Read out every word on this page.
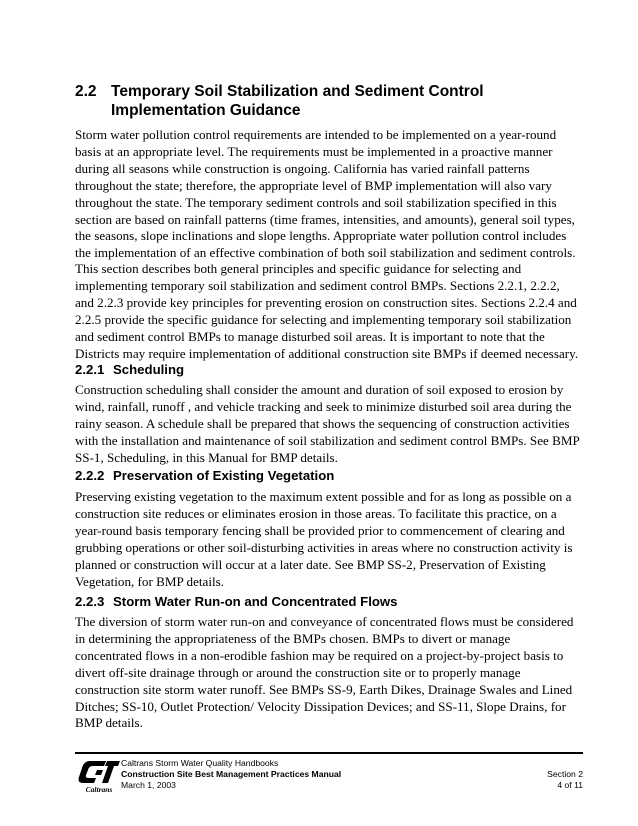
2.2 Temporary Soil Stabilization and Sediment Control Implementation Guidance

Storm water pollution control requirements are intended to be implemented on a year-round basis at an appropriate level. The requirements must be implemented in a proactive manner during all seasons while construction is ongoing. California has varied rainfall patterns throughout the state; therefore, the appropriate level of BMP implementation will also vary throughout the state. The temporary sediment controls and soil stabilization specified in this section are based on rainfall patterns (time frames, intensities, and amounts), general soil types, the seasons, slope inclinations and slope lengths. Appropriate water pollution control includes the implementation of an effective combination of both soil stabilization and sediment controls.

This section describes both general principles and specific guidance for selecting and implementing temporary soil stabilization and sediment control BMPs. Sections 2.2.1, 2.2.2, and 2.2.3 provide key principles for preventing erosion on construction sites. Sections 2.2.4 and 2.2.5 provide the specific guidance for selecting and implementing temporary soil stabilization and sediment control BMPs to manage disturbed soil areas. It is important to note that the Districts may require implementation of additional construction site BMPs if deemed necessary.

2.2.1 Scheduling

Construction scheduling shall consider the amount and duration of soil exposed to erosion by wind, rainfall, runoff , and vehicle tracking and seek to minimize disturbed soil area during the rainy season. A schedule shall be prepared that shows the sequencing of construction activities with the installation and maintenance of soil stabilization and sediment control BMPs. See BMP SS-1, Scheduling, in this Manual for BMP details.

2.2.2 Preservation of Existing Vegetation

Preserving existing vegetation to the maximum extent possible and for as long as possible on a construction site reduces or eliminates erosion in those areas. To facilitate this practice, on a year-round basis temporary fencing shall be provided prior to commencement of clearing and grubbing operations or other soil-disturbing activities in areas where no construction activity is planned or construction will occur at a later date. See BMP SS-2, Preservation of Existing Vegetation, for BMP details.

2.2.3 Storm Water Run-on and Concentrated Flows

The diversion of storm water run-on and conveyance of concentrated flows must be considered in determining the appropriateness of the BMPs chosen. BMPs to divert or manage concentrated flows in a non-erodible fashion may be required on a project-by-project basis to divert off-site drainage through or around the construction site or to properly manage construction site storm water runoff. See BMPs SS-9, Earth Dikes, Drainage Swales and Lined Ditches; SS-10, Outlet Protection/ Velocity Dissipation Devices; and SS-11, Slope Drains, for BMP details.

Caltrans
Caltrans Storm Water Quality Handbooks
Construction Site Best Management Practices Manual
March 1, 2003
Section 2
4 of 11
